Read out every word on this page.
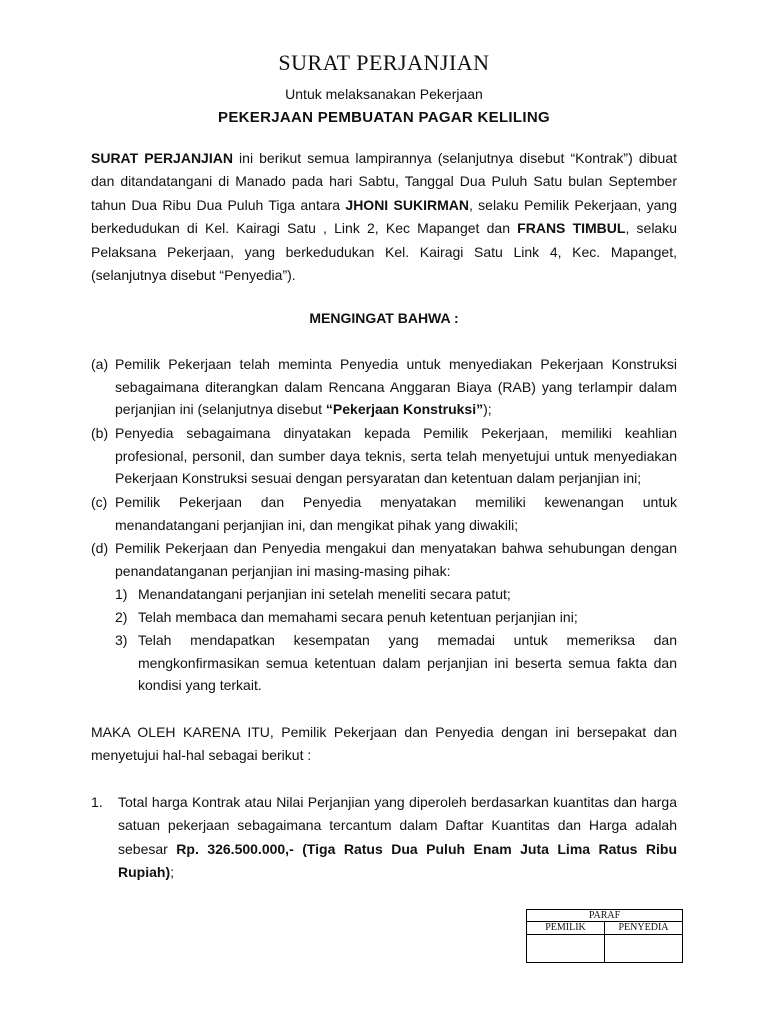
SURAT PERJANJIAN
Untuk melaksanakan Pekerjaan
PEKERJAAN PEMBUATAN PAGAR KELILING
SURAT PERJANJIAN ini berikut semua lampirannya (selanjutnya disebut “Kontrak”) dibuat dan ditandatangani di Manado pada hari Sabtu, Tanggal Dua Puluh Satu bulan September tahun Dua Ribu Dua Puluh Tiga antara JHONI SUKIRMAN, selaku Pemilik Pekerjaan, yang berkedudukan di Kel. Kairagi Satu , Link 2, Kec Mapanget dan FRANS TIMBUL, selaku Pelaksana Pekerjaan, yang berkedudukan Kel. Kairagi Satu Link 4, Kec. Mapanget, (selanjutnya disebut “Penyedia”).
MENGINGAT BAHWA :
(a) Pemilik Pekerjaan telah meminta Penyedia untuk menyediakan Pekerjaan Konstruksi sebagaimana diterangkan dalam Rencana Anggaran Biaya (RAB) yang terlampir dalam perjanjian ini (selanjutnya disebut “Pekerjaan Konstruksi”);
(b) Penyedia sebagaimana dinyatakan kepada Pemilik Pekerjaan, memiliki keahlian profesional, personil, dan sumber daya teknis, serta telah menyetujui untuk menyediakan Pekerjaan Konstruksi sesuai dengan persyaratan dan ketentuan dalam perjanjian ini;
(c) Pemilik Pekerjaan dan Penyedia menyatakan memiliki kewenangan untuk menandatangani perjanjian ini, dan mengikat pihak yang diwakili;
(d) Pemilik Pekerjaan dan Penyedia mengakui dan menyatakan bahwa sehubungan dengan penandatanganan perjanjian ini masing-masing pihak:
1) Menandatangani perjanjian ini setelah meneliti secara patut;
2) Telah membaca dan memahami secara penuh ketentuan perjanjian ini;
3) Telah mendapatkan kesempatan yang memadai untuk memeriksa dan mengkonfirmasikan semua ketentuan dalam perjanjian ini beserta semua fakta dan kondisi yang terkait.
MAKA OLEH KARENA ITU, Pemilik Pekerjaan dan Penyedia dengan ini bersepakat dan menyetujui hal-hal sebagai berikut :
1. Total harga Kontrak atau Nilai Perjanjian yang diperoleh berdasarkan kuantitas dan harga satuan pekerjaan sebagaimana tercantum dalam Daftar Kuantitas dan Harga adalah sebesar Rp. 326.500.000,- (Tiga Ratus Dua Puluh Enam Juta Lima Ratus Ribu Rupiah);
PARAF	
PEMILIK	PENYEDIA
